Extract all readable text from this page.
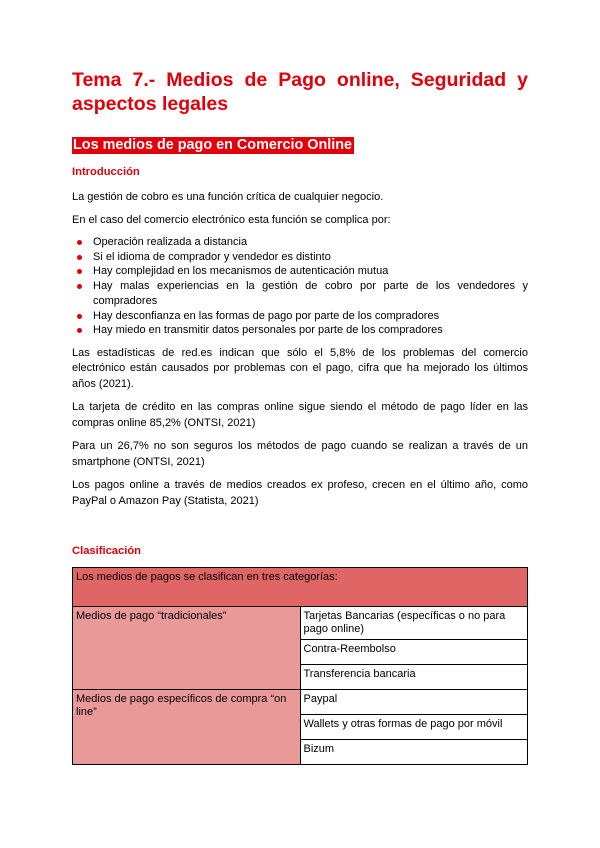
Tema 7.- Medios de Pago online, Seguridad y
aspectos legales
Los medios de pago en Comercio Online
Introducción

La gestión de cobro es una función crítica de cualquier negocio.

En el caso del comercio electrónico esta función se complica por:

Operación realizada a distancia
Si el idioma de comprador y vendedor es distinto
Hay complejidad en los mecanismos de autenticación mutua
Hay malas experiencias en la gestión de cobro por parte de los vendedores y compradores
Hay desconfianza en las formas de pago por parte de los compradores
Hay miedo en transmitir datos personales por parte de los compradores

Las estadísticas de red.es indican que sólo el 5,8% de los problemas del comercio electrónico están causados por problemas con el pago, cifra que ha mejorado los últimos años (2021).

La tarjeta de crédito en las compras online sigue siendo el método de pago líder en las compras online 85,2% (ONTSI, 2021)

Para un 26,7% no son seguros los métodos de pago cuando se realizan a través de un smartphone (ONTSI, 2021)

Los pagos online a través de medios creados ex profeso, crecen en el último año, como PayPal o Amazon Pay (Statista, 2021)

Clasificación
Los medios de pagos se clasifican en tres categorías:	
Medios de pago “tradicionales”	Tarjetas Bancarias (específicas o no para pago online)
	Contra-Reembolso
	Transferencia bancaria
Medios de pago específicos de compra “on line”	Paypal
	Wallets y otras formas de pago por móvil
	Bizum
